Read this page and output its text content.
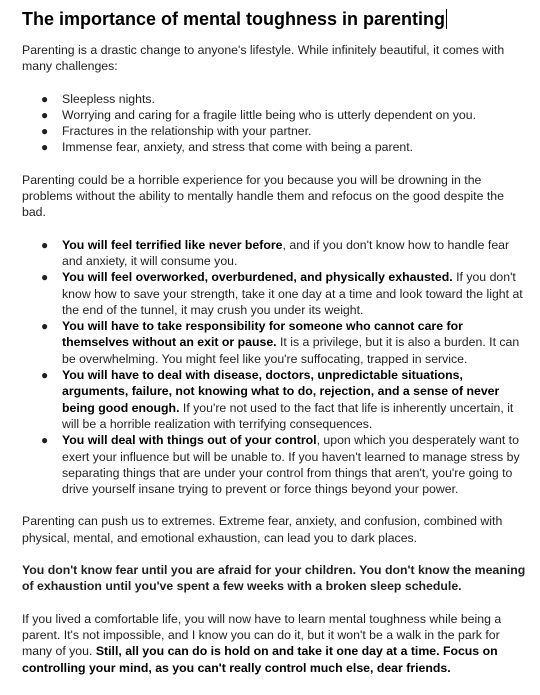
The importance of mental toughness in parenting

Parenting is a drastic change to anyone's lifestyle. While infinitely beautiful, it comes with many challenges:

● Sleepless nights.
● Worrying and caring for a fragile little being who is utterly dependent on you.
● Fractures in the relationship with your partner.
● Immense fear, anxiety, and stress that come with being a parent.

Parenting could be a horrible experience for you because you will be drowning in the problems without the ability to mentally handle them and refocus on the good despite the bad.

● You will feel terrified like never before, and if you don't know how to handle fear and anxiety, it will consume you.
● You will feel overworked, overburdened, and physically exhausted. If you don't know how to save your strength, take it one day at a time and look toward the light at the end of the tunnel, it may crush you under its weight.
● You will have to take responsibility for someone who cannot care for themselves without an exit or pause. It is a privilege, but it is also a burden. It can be overwhelming. You might feel like you're suffocating, trapped in service.
● You will have to deal with disease, doctors, unpredictable situations, arguments, failure, not knowing what to do, rejection, and a sense of never being good enough. If you're not used to the fact that life is inherently uncertain, it will be a horrible realization with terrifying consequences.
● You will deal with things out of your control, upon which you desperately want to exert your influence but will be unable to. If you haven't learned to manage stress by separating things that are under your control from things that aren't, you're going to drive yourself insane trying to prevent or force things beyond your power.

Parenting can push us to extremes. Extreme fear, anxiety, and confusion, combined with physical, mental, and emotional exhaustion, can lead you to dark places.

You don't know fear until you are afraid for your children. You don't know the meaning of exhaustion until you've spent a few weeks with a broken sleep schedule.

If you lived a comfortable life, you will now have to learn mental toughness while being a parent. It's not impossible, and I know you can do it, but it won't be a walk in the park for many of you. Still, all you can do is hold on and take it one day at a time. Focus on controlling your mind, as you can't really control much else, dear friends.
